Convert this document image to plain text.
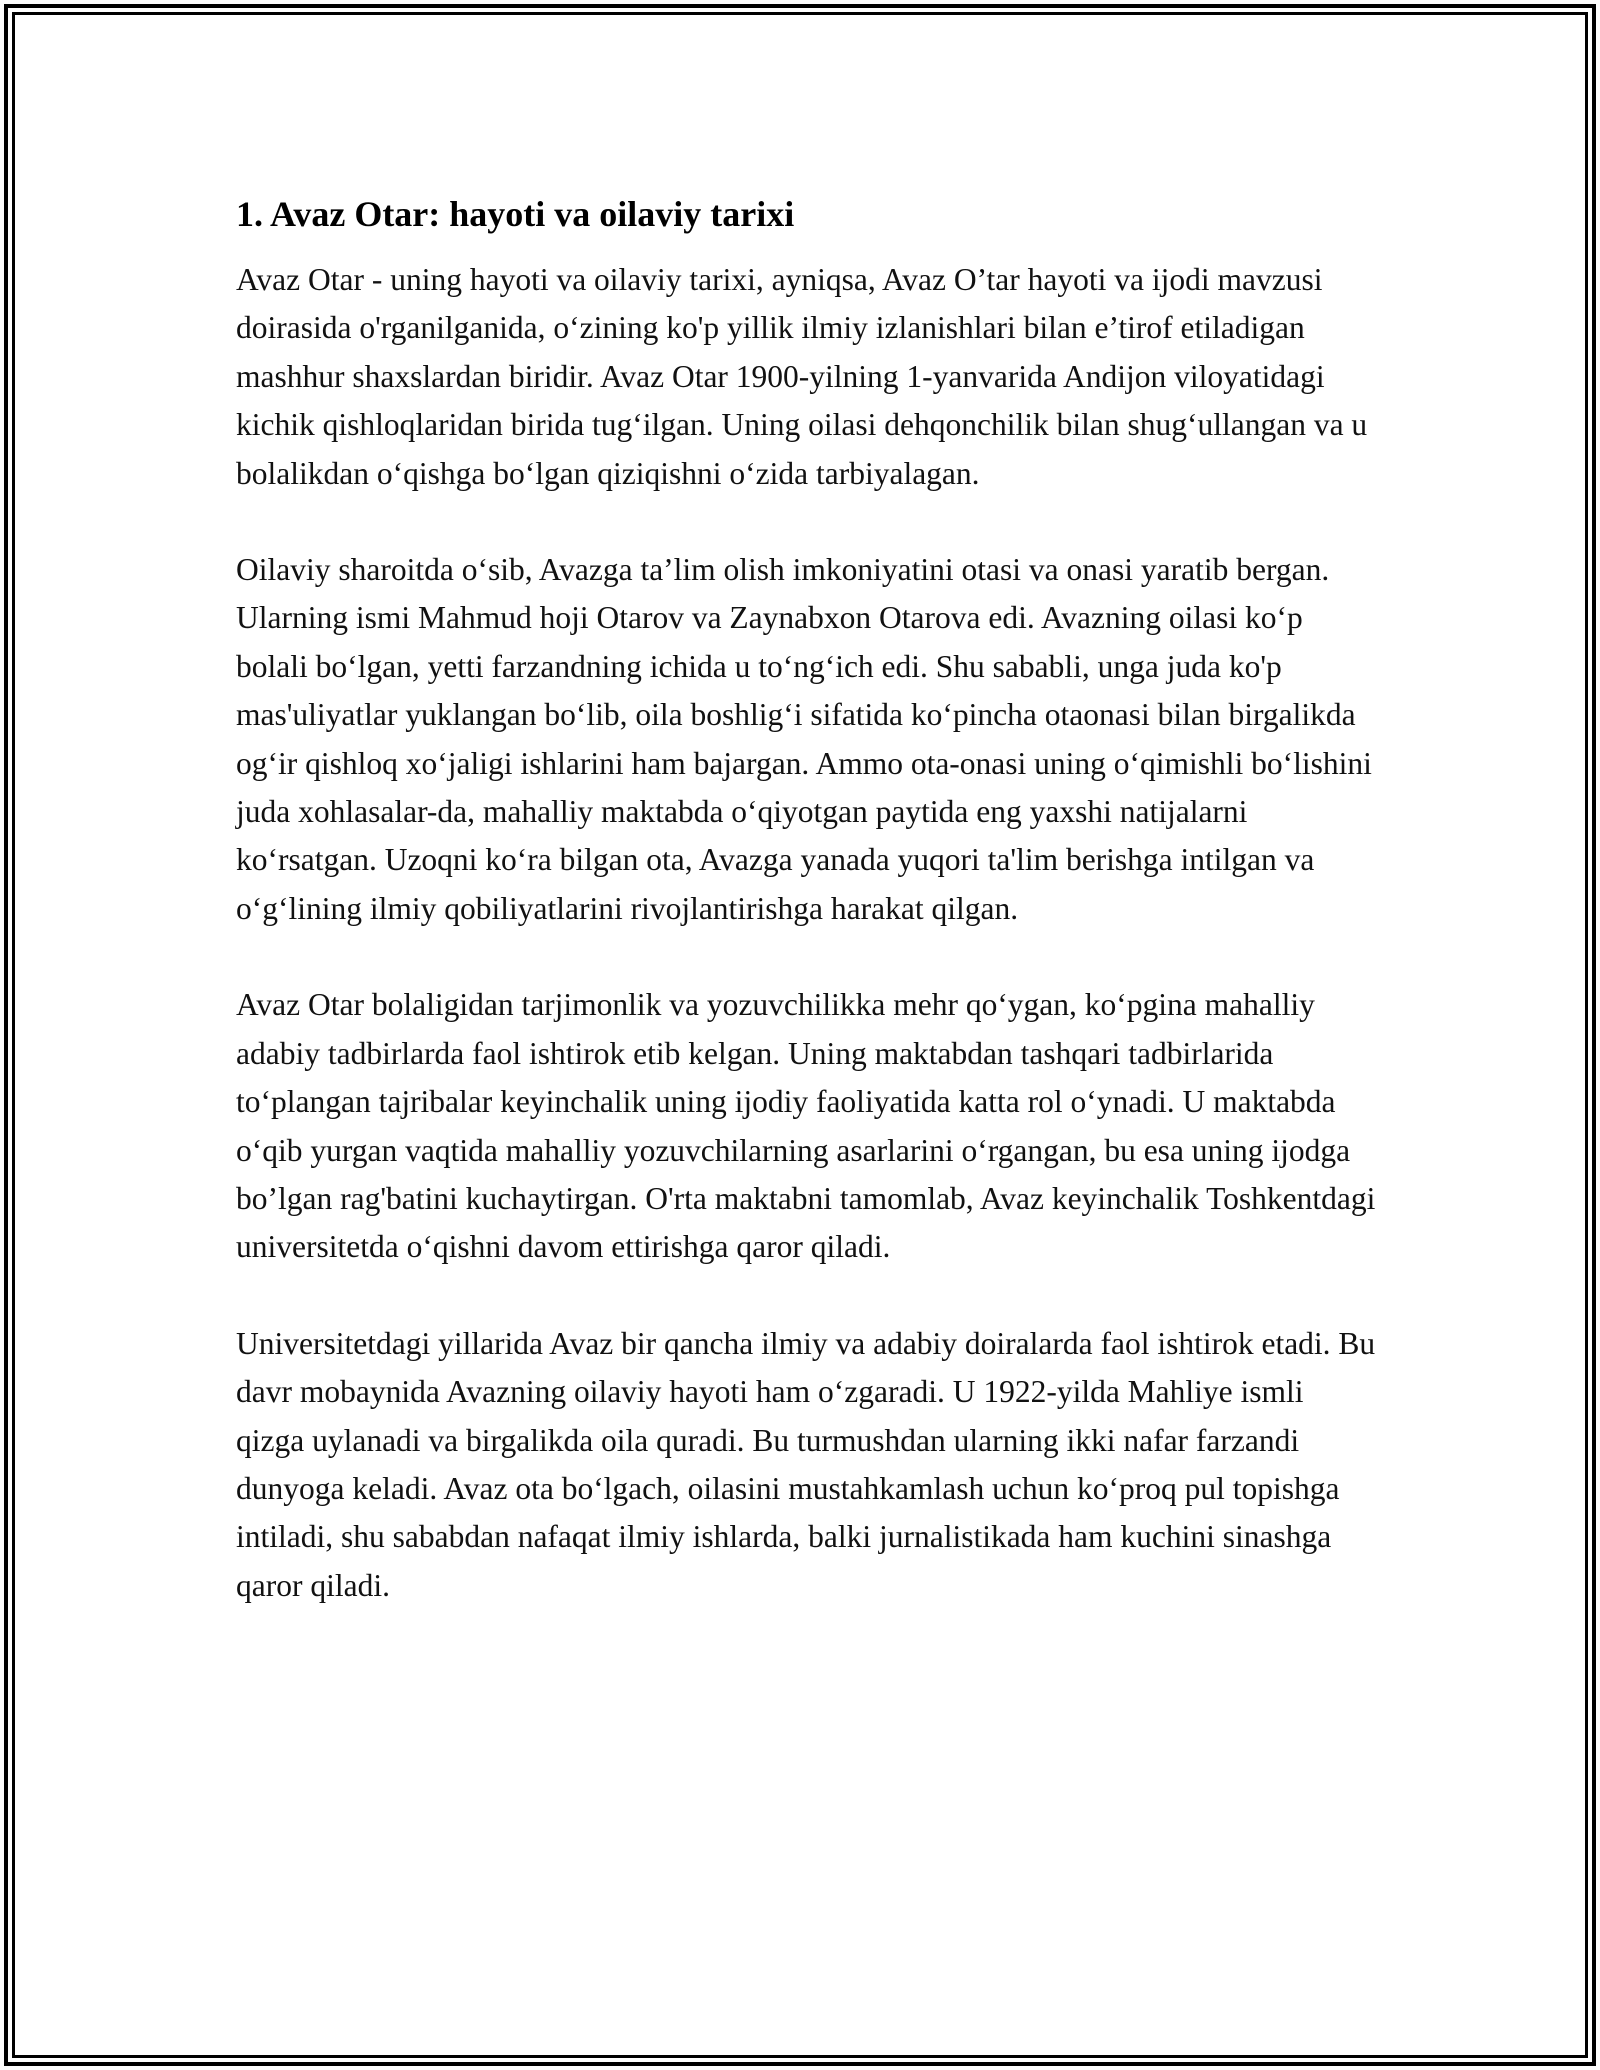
1. Avaz Otar: hayoti va oilaviy tarixi

Avaz Otar - uning hayoti va oilaviy tarixi, ayniqsa, Avaz O’tar hayoti va ijodi mavzusi doirasida o'rganilganida, o‘zining ko'p yillik ilmiy izlanishlari bilan e’tirof etiladigan mashhur shaxslardan biridir. Avaz Otar 1900-yilning 1-yanvarida Andijon viloyatidagi kichik qishloqlaridan birida tug‘ilgan. Uning oilasi dehqonchilik bilan shug‘ullangan va u bolalikdan o‘qishga bo‘lgan qiziqishni o‘zida tarbiyalagan.

Oilaviy sharoitda o‘sib, Avazga ta’lim olish imkoniyatini otasi va onasi yaratib bergan. Ularning ismi Mahmud hoji Otarov va Zaynabxon Otarova edi. Avazning oilasi ko‘p bolali bo‘lgan, yetti farzandning ichida u to‘ng‘ich edi. Shu sababli, unga juda ko'p mas'uliyatlar yuklangan bo‘lib, oila boshlig‘i sifatida ko‘pincha otaonasi bilan birgalikda og‘ir qishloq xo‘jaligi ishlarini ham bajargan. Ammo ota-onasi uning o‘qimishli bo‘lishini juda xohlasalar-da, mahalliy maktabda o‘qiyotgan paytida eng yaxshi natijalarni ko‘rsatgan. Uzoqni ko‘ra bilgan ota, Avazga yanada yuqori ta'lim berishga intilgan va o‘g‘lining ilmiy qobiliyatlarini rivojlantirishga harakat qilgan.

Avaz Otar bolaligidan tarjimonlik va yozuvchilikka mehr qo‘ygan, ko‘pgina mahalliy adabiy tadbirlarda faol ishtirok etib kelgan. Uning maktabdan tashqari tadbirlarida to‘plangan tajribalar keyinchalik uning ijodiy faoliyatida katta rol o‘ynadi. U maktabda o‘qib yurgan vaqtida mahalliy yozuvchilarning asarlarini o‘rgangan, bu esa uning ijodga bo’lgan rag'batini kuchaytirgan. O'rta maktabni tamomlab, Avaz keyinchalik Toshkentdagi universitetda o‘qishni davom ettirishga qaror qiladi.

Universitetdagi yillarida Avaz bir qancha ilmiy va adabiy doiralarda faol ishtirok etadi. Bu davr mobaynida Avazning oilaviy hayoti ham o‘zgaradi. U 1922-yilda Mahliye ismli qizga uylanadi va birgalikda oila quradi. Bu turmushdan ularning ikki nafar farzandi dunyoga keladi. Avaz ota bo‘lgach, oilasini mustahkamlash uchun ko‘proq pul topishga intiladi, shu sababdan nafaqat ilmiy ishlarda, balki jurnalistikada ham kuchini sinashga qaror qiladi.
